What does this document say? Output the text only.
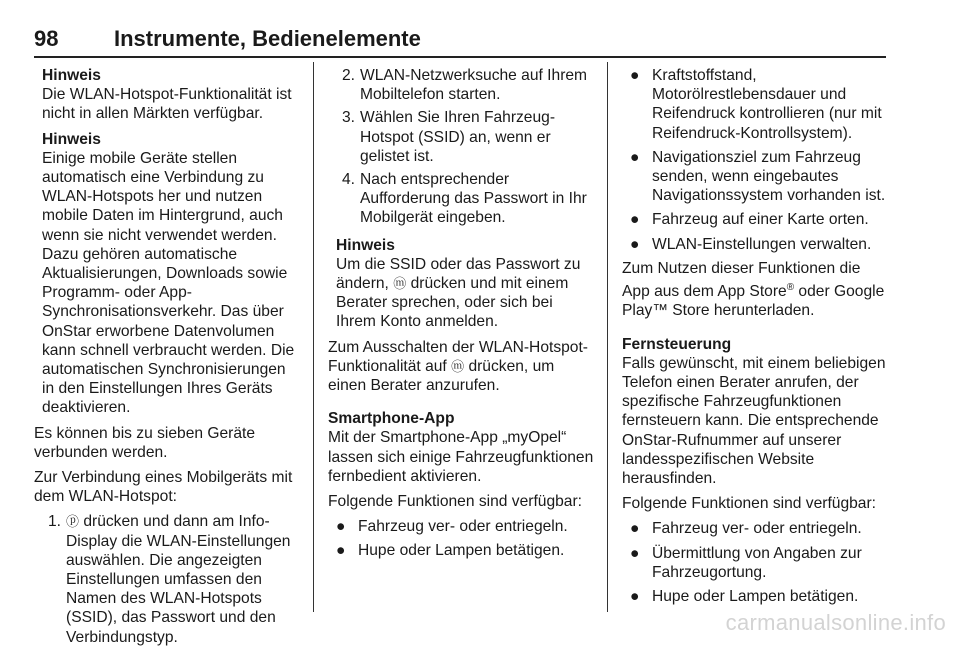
98	Instrumente, Bedienelemente
Hinweis
Die WLAN-Hotspot-Funktionalität ist nicht in allen Märkten verfügbar.
Hinweis
Einige mobile Geräte stellen automatisch eine Verbindung zu WLAN-Hotspots her und nutzen mobile Daten im Hintergrund, auch wenn sie nicht verwendet werden. Dazu gehören automatische Aktualisierungen, Downloads sowie Programm- oder App-Synchronisationsverkehr. Das über OnStar erworbene Datenvolumen kann schnell verbraucht werden. Die automatischen Synchronisierungen in den Einstellungen Ihres Geräts deaktivieren.

Es können bis zu sieben Geräte verbunden werden.

Zur Verbindung eines Mobilgeräts mit dem WLAN-Hotspot:

1. ⓟ drücken und dann am Info-Display die WLAN-Einstellungen auswählen. Die angezeigten Einstellungen umfassen den Namen des WLAN-Hotspots (SSID), das Passwort und den Verbindungstyp.
2. WLAN-Netzwerksuche auf Ihrem Mobiltelefon starten.
3. Wählen Sie Ihren Fahrzeug-Hotspot (SSID) an, wenn er gelistet ist.
4. Nach entsprechender Aufforderung das Passwort in Ihr Mobilgerät eingeben.
Hinweis
Um die SSID oder das Passwort zu ändern, ⓜ drücken und mit einem Berater sprechen, oder sich bei Ihrem Konto anmelden.

Zum Ausschalten der WLAN-Hotspot-Funktionalität auf ⓜ drücken, um einen Berater anzurufen.

Smartphone-App

Mit der Smartphone-App „myOpel“ lassen sich einige Fahrzeugfunktionen fernbedient aktivieren.

Folgende Funktionen sind verfügbar:

● Fahrzeug ver- oder entriegeln.
● Hupe oder Lampen betätigen.
● Kraftstoffstand, Motorölrestlebensdauer und Reifendruck kontrollieren (nur mit Reifendruck-Kontrollsystem).
● Navigationsziel zum Fahrzeug senden, wenn eingebautes Navigationssystem vorhanden ist.
● Fahrzeug auf einer Karte orten.
● WLAN-Einstellungen verwalten.

Zum Nutzen dieser Funktionen die App aus dem App Store® oder Google Play™ Store herunterladen.

Fernsteuerung

Falls gewünscht, mit einem beliebigen Telefon einen Berater anrufen, der spezifische Fahrzeugfunktionen fernsteuern kann. Die entsprechende OnStar-Rufnummer auf unserer landesspezifischen Website herausfinden.

Folgende Funktionen sind verfügbar:

● Fahrzeug ver- oder entriegeln.
● Übermittlung von Angaben zur Fahrzeugortung.
● Hupe oder Lampen betätigen.
carmanualsonline.info
